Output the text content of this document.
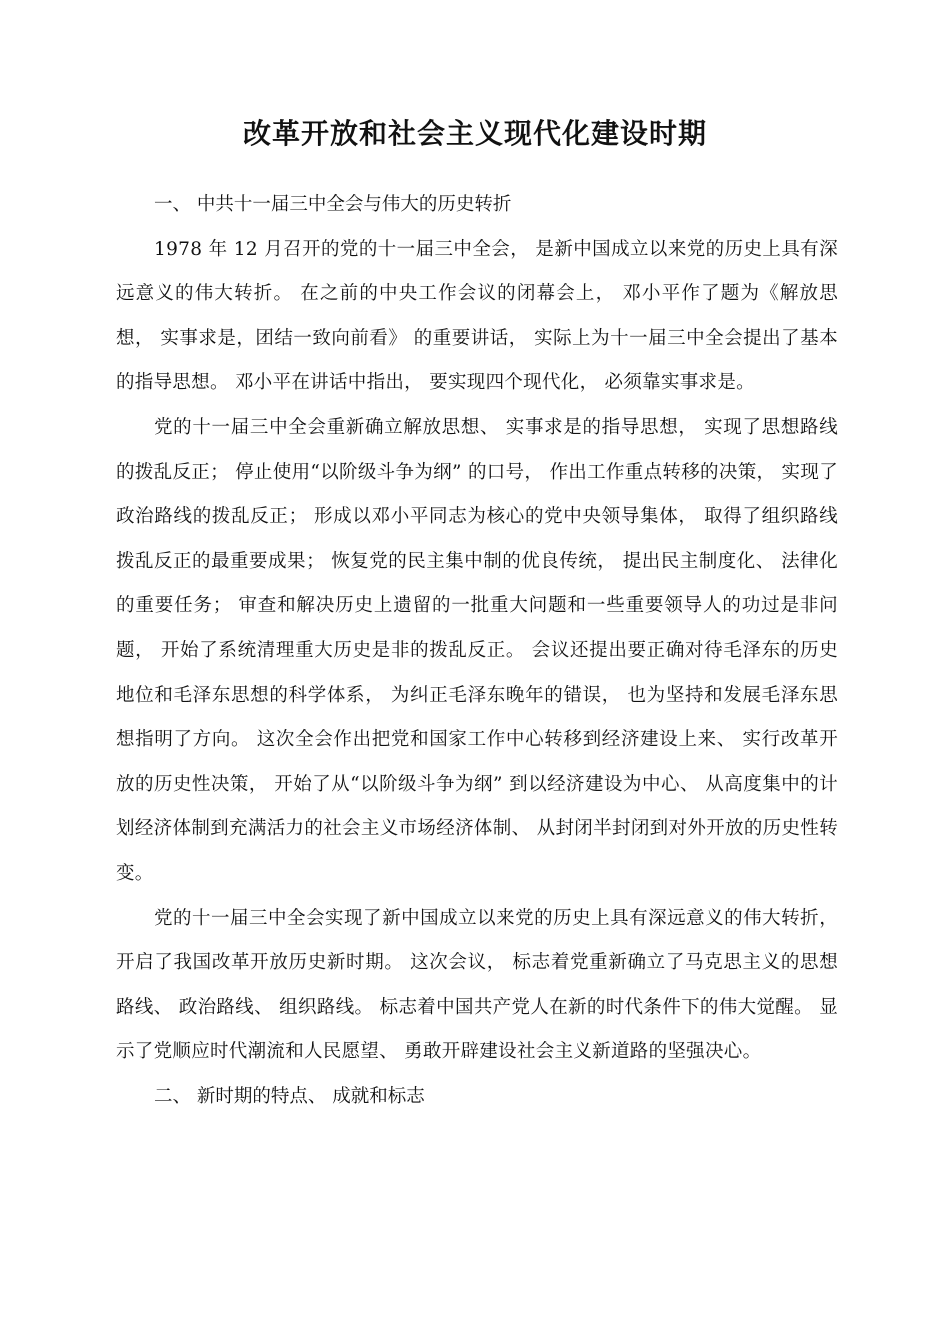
改革开放和社会主义现代化建设时期

一、 中共十一届三中全会与伟大的历史转折

1978 年 12 月召开的党的十一届三中全会， 是新中国成立以来党的历史上具有深远意义的伟大转折。 在之前的中央工作会议的闭幕会上， 邓小平作了题为《解放思想， 实事求是，团结一致向前看》 的重要讲话， 实际上为十一届三中全会提出了基本的指导思想。 邓小平在讲话中指出， 要实现四个现代化， 必须靠实事求是。

党的十一届三中全会重新确立解放思想、 实事求是的指导思想， 实现了思想路线的拨乱反正； 停止使用“以阶级斗争为纲” 的口号， 作出工作重点转移的决策， 实现了政治路线的拨乱反正； 形成以邓小平同志为核心的党中央领导集体， 取得了组织路线拨乱反正的最重要成果； 恢复党的民主集中制的优良传统， 提出民主制度化、 法律化的重要任务； 审查和解决历史上遗留的一批重大问题和一些重要领导人的功过是非问题， 开始了系统清理重大历史是非的拨乱反正。 会议还提出要正确对待毛泽东的历史地位和毛泽东思想的科学体系， 为纠正毛泽东晚年的错误， 也为坚持和发展毛泽东思想指明了方向。 这次全会作出把党和国家工作中心转移到经济建设上来、 实行改革开放的历史性决策， 开始了从“以阶级斗争为纲” 到以经济建设为中心、 从高度集中的计划经济体制到充满活力的社会主义市场经济体制、 从封闭半封闭到对外开放的历史性转变。

党的十一届三中全会实现了新中国成立以来党的历史上具有深远意义的伟大转折， 开启了我国改革开放历史新时期。 这次会议， 标志着党重新确立了马克思主义的思想路线、 政治路线、 组织路线。 标志着中国共产党人在新的时代条件下的伟大觉醒。 显示了党顺应时代潮流和人民愿望、 勇敢开辟建设社会主义新道路的坚强决心。

二、 新时期的特点、 成就和标志
